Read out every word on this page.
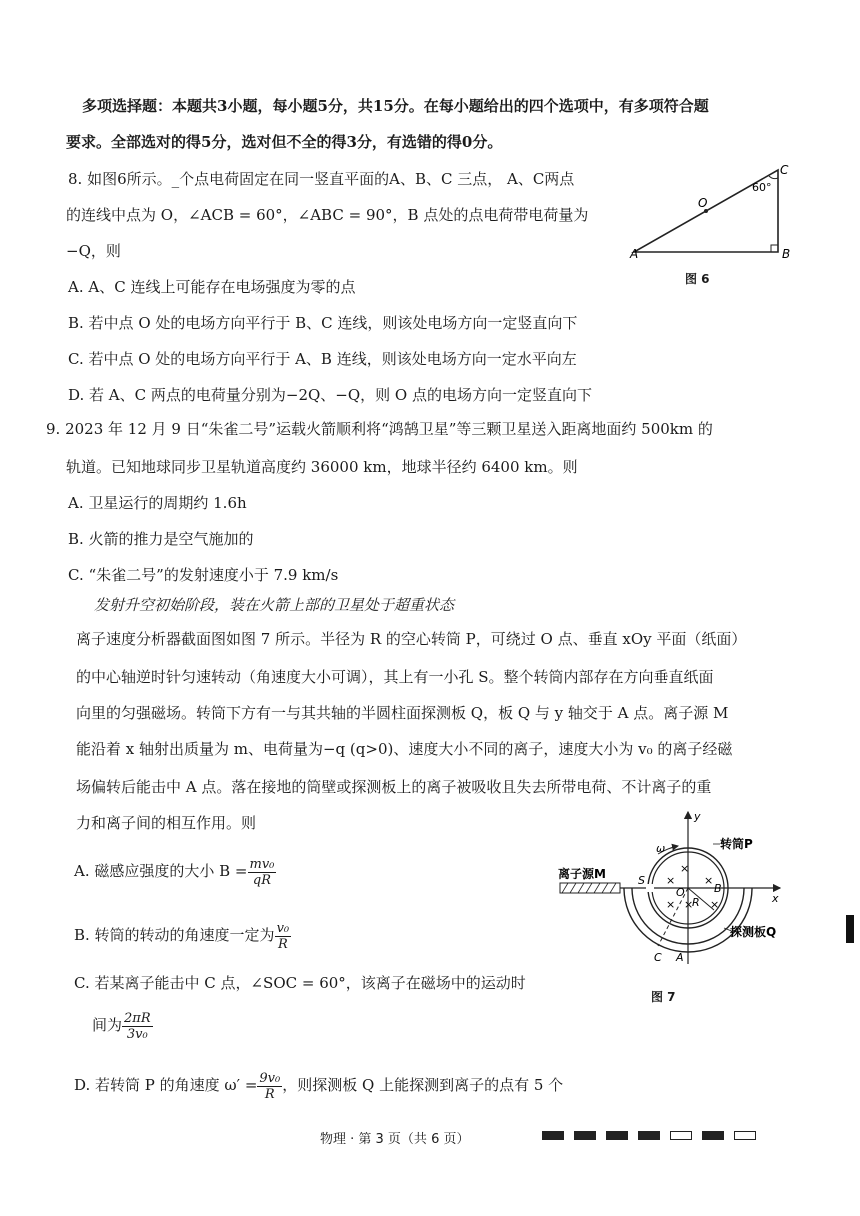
多项选择题：本题共3小题，每小题5分，共15分。在每小题给出的四个选项中，有多项符合题
要求。全部选对的得5分，选对但不全的得3分，有选错的得0分。
8. 如图6所示。_个点电荷固定在同一竖直平面的A、B、C 三点， A、C两点
的连线中点为 O，∠ACB = 60°，∠ABC = 90°，B 点处的点电荷带电荷量为
−Q，则
A. A、C 连线上可能存在电场强度为零的点
B. 若中点 O 处的电场方向平行于 B、C 连线，则该处电场方向一定竖直向下
C. 若中点 O 处的电场方向平行于 A、B 连线，则该处电场方向一定水平向左
D. 若 A、C 两点的电荷量分别为−2Q、−Q，则 O 点的电场方向一定竖直向下
A	B
C
O
60°
图 6
9. 2023 年 12 月 9 日“朱雀二号”运载火箭顺利将“鸿鹄卫星”等三颗卫星送入距离地面约 500km 的
轨道。已知地球同步卫星轨道高度约 36000 km，地球半径约 6400 km。则
A. 卫星运行的周期约 1.6h
B. 火箭的推力是空气施加的
C. “朱雀二号”的发射速度小于 7.9 km/s
发射升空初始阶段，装在火箭上部的卫星处于超重状态
离子速度分析器截面图如图 7 所示。半径为 R 的空心转筒 P，可绕过 O 点、垂直 xOy 平面（纸面）
的中心轴逆时针匀速转动（角速度大小可调），其上有一小孔 S。整个转筒内部存在方向垂直纸面
向里的匀强磁场。转筒下方有一与其共轴的半圆柱面探测板 Q，板 Q 与 y 轴交于 A 点。离子源 M
能沿着 x 轴射出质量为 m、电荷量为−q (q>0)、速度大小不同的离子，速度大小为 v₀ 的离子经磁
场偏转后能击中 A 点。落在接地的筒壁或探测板上的离子被吸收且失去所带电荷、不计离子的重
力和离子间的相互作用。则
A. 磁感应强度的大小 $B = \frac{\text{mv₀}}{qR}$
B. 转筒的转动的角速度一定为 $\frac{\text{v₀}}{R}$
C. 若某离子能击中 C 点，∠SOC = 60°，该离子在磁场中的运动时
间为 $\frac{2\pi R}{\text{3v₀}}$
D. 若转筒 P 的角速度 $\omega' = \frac{\text{9v₀}}{R}$ ，则探测板 Q 上能探测到离子的点有 5 个
×
×	×
× × ×
离子源M
转筒P
探测板Q
ω
S
O	B
R
C A
x
y
图 7
物理 · 第 3 页（共 6 页）
